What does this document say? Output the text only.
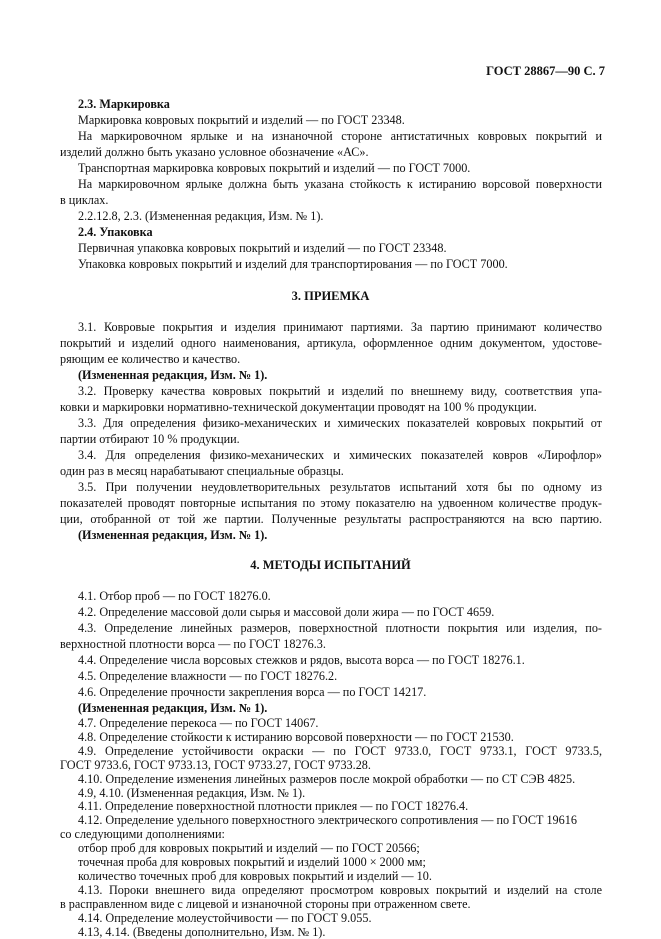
ГОСТ 28867—90 С. 7
2.3. Маркировка
Маркировка ковровых покрытий и изделий — по ГОСТ 23348.
На маркировочном ярлыке и на изнаночной стороне антистатичных ковровых покрытий и
изделий должно быть указано условное обозначение «АС».
Транспортная маркировка ковровых покрытий и изделий — по ГОСТ 7000.
На маркировочном ярлыке должна быть указана стойкость к истиранию ворсовой поверхности
в циклах.
2.2.12.8, 2.3. (Измененная редакция, Изм. № 1).
2.4. Упаковка
Первичная упаковка ковровых покрытий и изделий — по ГОСТ 23348.
Упаковка ковровых покрытий и изделий для транспортирования — по ГОСТ 7000.
3. ПРИЕМКА
3.1. Ковровые покрытия и изделия принимают партиями. За партию принимают количество
покрытий и изделий одного наименования, артикула, оформленное одним документом, удостове-
ряющим ее количество и качество.
(Измененная редакция, Изм. № 1).
3.2. Проверку качества ковровых покрытий и изделий по внешнему виду, соответствия упа-
ковки и маркировки нормативно-технической документации проводят на 100 % продукции.
3.3. Для определения физико-механических и химических показателей ковровых покрытий от
партии отбирают 10 % продукции.
3.4. Для определения физико-механических и химических показателей ковров «Лирофлор»
один раз в месяц нарабатывают специальные образцы.
3.5. При получении неудовлетворительных результатов испытаний хотя бы по одному из
показателей проводят повторные испытания по этому показателю на удвоенном количестве продук-
ции, отобранной от той же партии. Полученные результаты распространяются на всю партию.
(Измененная редакция, Изм. № 1).
4. МЕТОДЫ ИСПЫТАНИЙ
4.1. Отбор проб — по ГОСТ 18276.0.
4.2. Определение массовой доли сырья и массовой доли жира — по ГОСТ 4659.
4.3. Определение линейных размеров, поверхностной плотности покрытия или изделия, по-
верхностной плотности ворса — по ГОСТ 18276.3.
4.4. Определение числа ворсовых стежков и рядов, высота ворса — по ГОСТ 18276.1.
4.5. Определение влажности — по ГОСТ 18276.2.
4.6. Определение прочности закрепления ворса — по ГОСТ 14217.
(Измененная редакция, Изм. № 1).
4.7. Определение перекоса — по ГОСТ 14067.
4.8. Определение стойкости к истиранию ворсовой поверхности — по ГОСТ 21530.
4.9. Определение устойчивости окраски — по ГОСТ 9733.0, ГОСТ 9733.1, ГОСТ 9733.5,
ГОСТ 9733.6, ГОСТ 9733.13, ГОСТ 9733.27, ГОСТ 9733.28.
4.10. Определение изменения линейных размеров после мокрой обработки — по СТ СЭВ 4825.
4.9, 4.10. (Измененная редакция, Изм. № 1).
4.11. Определение поверхностной плотности приклея — по ГОСТ 18276.4.
4.12. Определение удельного поверхностного электрического сопротивления — по ГОСТ 19616
со следующими дополнениями:
отбор проб для ковровых покрытий и изделий — по ГОСТ 20566;
точечная проба для ковровых покрытий и изделий 1000 × 2000 мм;
количество точечных проб для ковровых покрытий и изделий — 10.
4.13. Пороки внешнего вида определяют просмотром ковровых покрытий и изделий на столе
в расправленном виде с лицевой и изнаночной стороны при отраженном свете.
4.14. Определение молеустойчивости — по ГОСТ 9.055.
4.13, 4.14. (Введены дополнительно, Изм. № 1).
